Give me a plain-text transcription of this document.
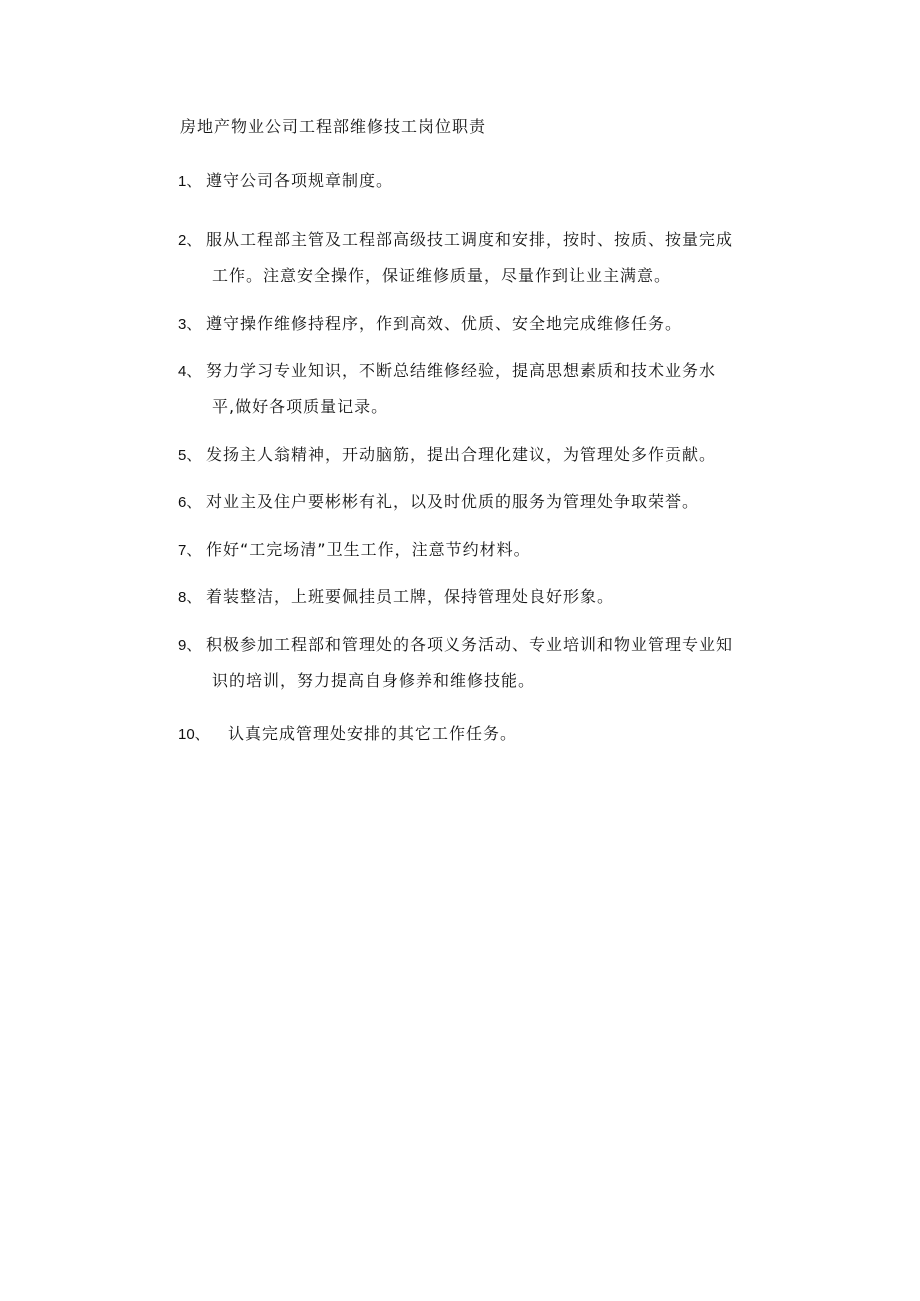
房地产物业公司工程部维修技工岗位职责
1、 遵守公司各项规章制度。
2、 服从工程部主管及工程部高级技工调度和安排，按时、按质、按量完成
工作。注意安全操作，保证维修质量，尽量作到让业主满意。
3、 遵守操作维修持程序，作到高效、优质、安全地完成维修任务。
4、 努力学习专业知识，不断总结维修经验，提高思想素质和技术业务水
平,做好各项质量记录。
5、 发扬主人翁精神，开动脑筋，提出合理化建议，为管理处多作贡献。
6、 对业主及住户要彬彬有礼，以及时优质的服务为管理处争取荣誉。
7、 作好“工完场清”卫生工作，注意节约材料。
8、 着装整洁，上班要佩挂员工牌，保持管理处良好形象。
9、 积极参加工程部和管理处的各项义务活动、专业培训和物业管理专业知
识的培训，努力提高自身修养和维修技能。
10、 认真完成管理处安排的其它工作任务。
